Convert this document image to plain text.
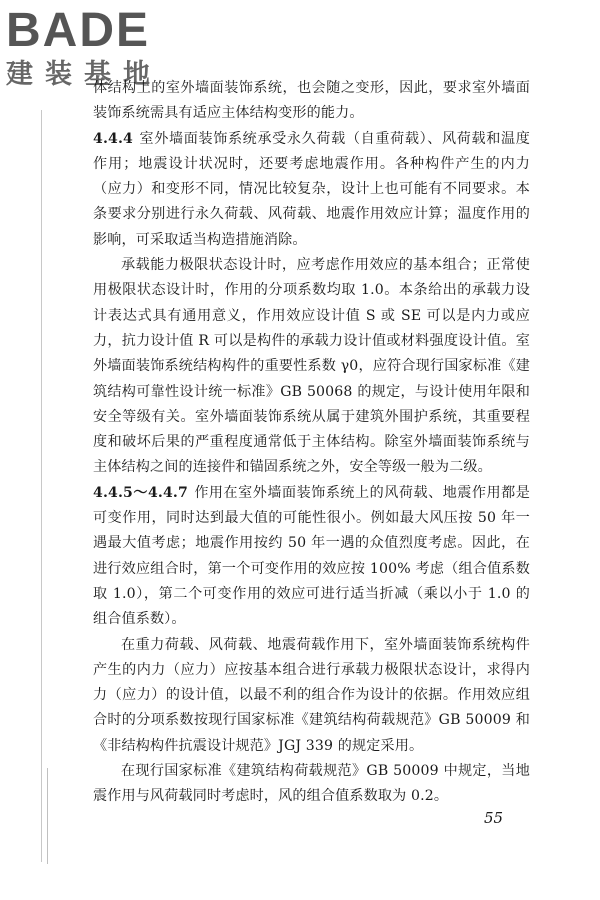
BADE
建装基地

体结构上的室外墙面装饰系统，也会随之变形，因此，要求室外墙面装饰系统需具有适应主体结构变形的能力。

4.4.4 室外墙面装饰系统承受永久荷载（自重荷载）、风荷载和温度作用；地震设计状况时，还要考虑地震作用。各种构件产生的内力（应力）和变形不同，情况比较复杂，设计上也可能有不同要求。本条要求分别进行永久荷载、风荷载、地震作用效应计算；温度作用的影响，可采取适当构造措施消除。

承载能力极限状态设计时，应考虑作用效应的基本组合；正常使用极限状态设计时，作用的分项系数均取 1.0。本条给出的承载力设计表达式具有通用意义，作用效应设计值 S 或 SE 可以是内力或应力，抗力设计值 R 可以是构件的承载力设计值或材料强度设计值。室外墙面装饰系统结构构件的重要性系数 γ0，应符合现行国家标准《建筑结构可靠性设计统一标准》GB 50068 的规定，与设计使用年限和安全等级有关。室外墙面装饰系统从属于建筑外围护系统，其重要程度和破坏后果的严重程度通常低于主体结构。除室外墙面装饰系统与主体结构之间的连接件和锚固系统之外，安全等级一般为二级。

4.4.5～4.4.7 作用在室外墙面装饰系统上的风荷载、地震作用都是可变作用，同时达到最大值的可能性很小。例如最大风压按 50 年一遇最大值考虑；地震作用按约 50 年一遇的众值烈度考虑。因此，在进行效应组合时，第一个可变作用的效应按 100% 考虑（组合值系数取 1.0），第二个可变作用的效应可进行适当折减（乘以小于 1.0 的组合值系数）。

在重力荷载、风荷载、地震荷载作用下，室外墙面装饰系统构件产生的内力（应力）应按基本组合进行承载力极限状态设计，求得内力（应力）的设计值，以最不利的组合作为设计的依据。作用效应组合时的分项系数按现行国家标准《建筑结构荷载规范》GB 50009 和《非结构构件抗震设计规范》JGJ 339 的规定采用。

在现行国家标准《建筑结构荷载规范》GB 50009 中规定，当地震作用与风荷载同时考虑时，风的组合值系数取为 0.2。

55
